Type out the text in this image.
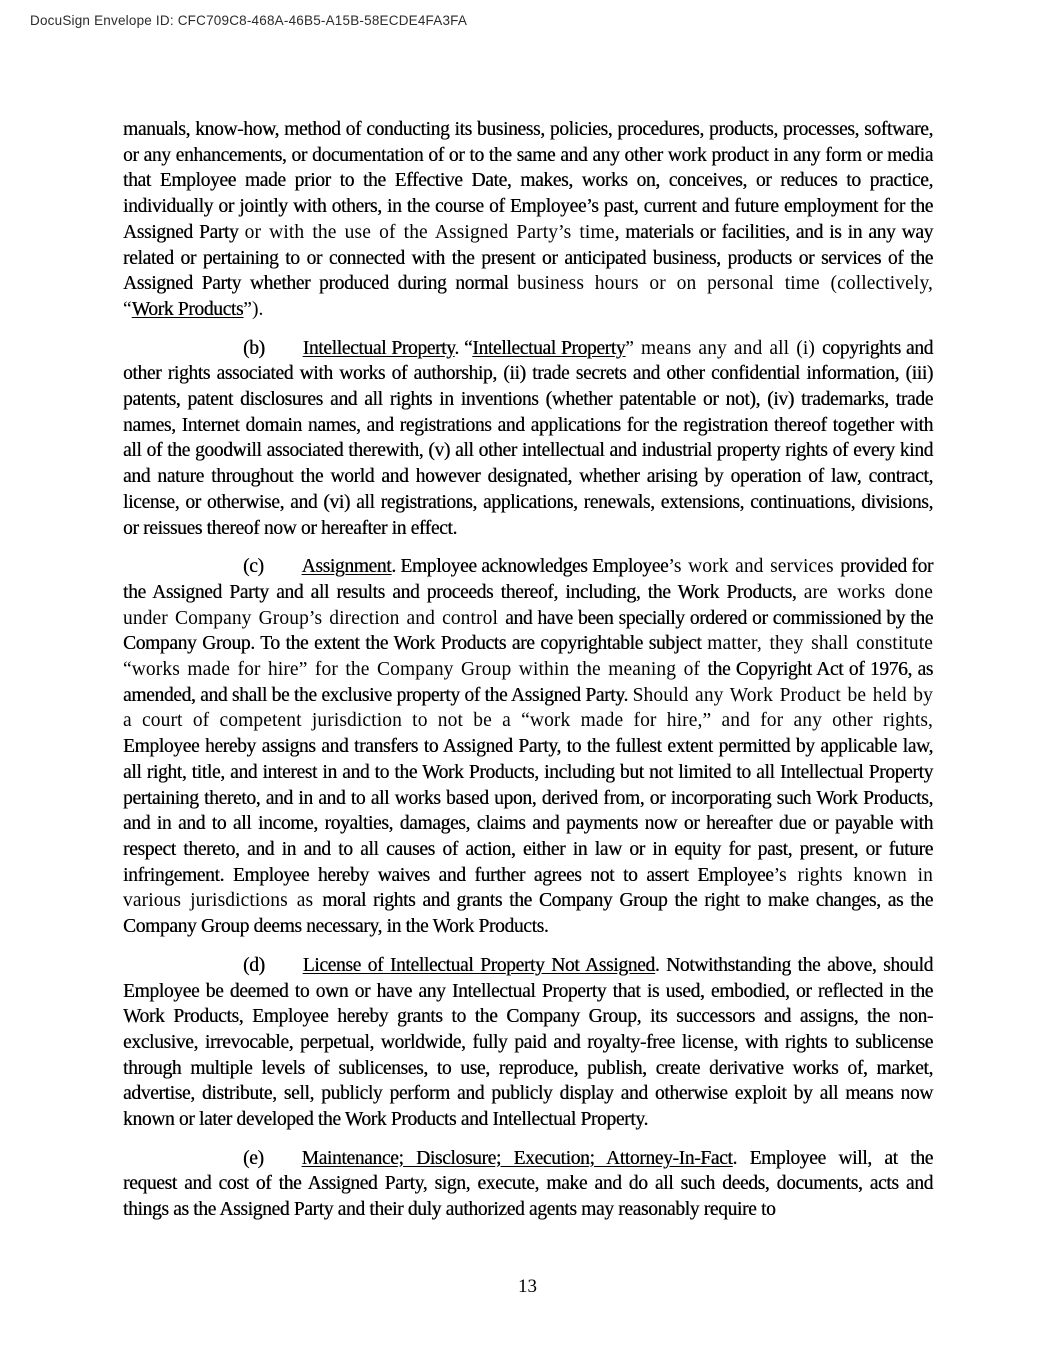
DocuSign Envelope ID: CFC709C8-468A-46B5-A15B-58ECDE4FA3FA

manuals, know-how, method of conducting its business, policies, procedures, products, processes, software, or any enhancements, or documentation of or to the same and any other work product in any form or media that Employee made prior to the Effective Date, makes, works on, conceives, or reduces to practice, individually or jointly with others, in the course of Employee’s past, current and future employment for the Assigned Party or with the use of the Assigned Party’s time, materials or facilities, and is in any way related or pertaining to or connected with the present or anticipated business, products or services of the Assigned Party whether produced during normal business hours or on personal time (collectively, “Work Products”).

(b) Intellectual Property. “Intellectual Property” means any and all (i) copyrights and other rights associated with works of authorship, (ii) trade secrets and other confidential information, (iii) patents, patent disclosures and all rights in inventions (whether patentable or not), (iv) trademarks, trade names, Internet domain names, and registrations and applications for the registration thereof together with all of the goodwill associated therewith, (v) all other intellectual and industrial property rights of every kind and nature throughout the world and however designated, whether arising by operation of law, contract, license, or otherwise, and (vi) all registrations, applications, renewals, extensions, continuations, divisions, or reissues thereof now or hereafter in effect.

(c) Assignment. Employee acknowledges Employee’s work and services provided for the Assigned Party and all results and proceeds thereof, including, the Work Products, are works done under Company Group’s direction and control and have been specially ordered or commissioned by the Company Group. To the extent the Work Products are copyrightable subject matter, they shall constitute “works made for hire” for the Company Group within the meaning of the Copyright Act of 1976, as amended, and shall be the exclusive property of the Assigned Party. Should any Work Product be held by a court of competent jurisdiction to not be a “work made for hire,” and for any other rights, Employee hereby assigns and transfers to Assigned Party, to the fullest extent permitted by applicable law, all right, title, and interest in and to the Work Products, including but not limited to all Intellectual Property pertaining thereto, and in and to all works based upon, derived from, or incorporating such Work Products, and in and to all income, royalties, damages, claims and payments now or hereafter due or payable with respect thereto, and in and to all causes of action, either in law or in equity for past, present, or future infringement. Employee hereby waives and further agrees not to assert Employee’s rights known in various jurisdictions as moral rights and grants the Company Group the right to make changes, as the Company Group deems necessary, in the Work Products.

(d) License of Intellectual Property Not Assigned. Notwithstanding the above, should Employee be deemed to own or have any Intellectual Property that is used, embodied, or reflected in the Work Products, Employee hereby grants to the Company Group, its successors and assigns, the non-exclusive, irrevocable, perpetual, worldwide, fully paid and royalty-free license, with rights to sublicense through multiple levels of sublicenses, to use, reproduce, publish, create derivative works of, market, advertise, distribute, sell, publicly perform and publicly display and otherwise exploit by all means now known or later developed the Work Products and Intellectual Property.

(e) Maintenance; Disclosure; Execution; Attorney-In-Fact. Employee will, at the request and cost of the Assigned Party, sign, execute, make and do all such deeds, documents, acts and things as the Assigned Party and their duly authorized agents may reasonably require to

13
